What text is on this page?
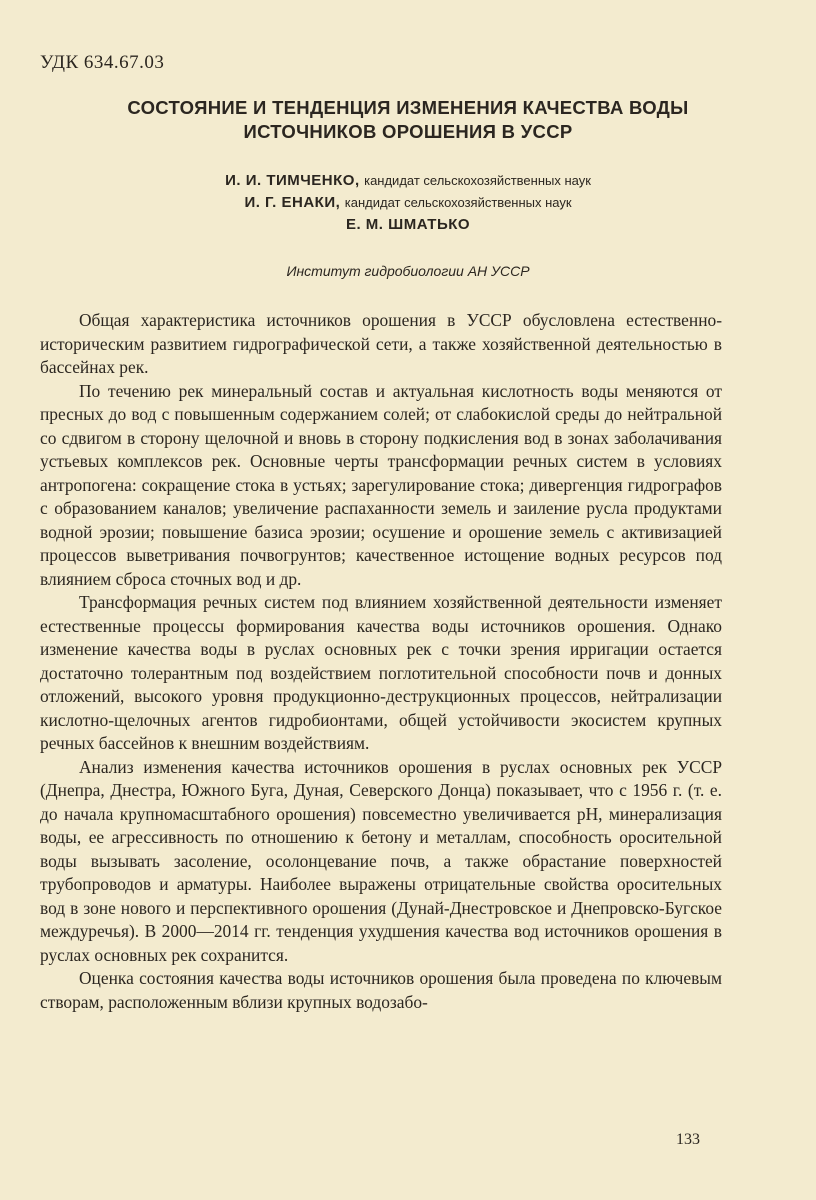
УДК 634.67.03
СОСТОЯНИЕ И ТЕНДЕНЦИЯ ИЗМЕНЕНИЯ КАЧЕСТВА ВОДЫ
ИСТОЧНИКОВ ОРОШЕНИЯ В УССР
И. И. ТИМЧЕНКО, кандидат сельскохозяйственных наук
И. Г. ЕНАКИ, кандидат сельскохозяйственных наук
Е. М. ШМАТЬКО
Институт гидробиологии АН УССР

Общая характеристика источников орошения в УССР обусловлена естественно-историческим развитием гидрографической сети, а также хозяйственной деятельностью в бассейнах рек.

По течению рек минеральный состав и актуальная кислотность воды меняются от пресных до вод с повышенным содержанием солей; от слабокислой среды до нейтральной со сдвигом в сторону щелочной и вновь в сторону подкисления вод в зонах заболачивания устьевых комплексов рек. Основные черты трансформации речных систем в условиях антропогена: сокращение стока в устьях; зарегулирование стока; дивергенция гидрографов с образованием каналов; увеличение распаханности земель и заиление русла продуктами водной эрозии; повышение базиса эрозии; осушение и орошение земель с активизацией процессов выветривания почвогрунтов; качественное истощение водных ресурсов под влиянием сброса сточных вод и др.

Трансформация речных систем под влиянием хозяйственной деятельности изменяет естественные процессы формирования качества воды источников орошения. Однако изменение качества воды в руслах основных рек с точки зрения ирригации остается достаточно толерантным под воздействием поглотительной способности почв и донных отложений, высокого уровня продукционно-деструкционных процессов, нейтрализации кислотно-щелочных агентов гидробионтами, общей устойчивости экосистем крупных речных бассейнов к внешним воздействиям.

Анализ изменения качества источников орошения в руслах основных рек УССР (Днепра, Днестра, Южного Буга, Дуная, Северского Донца) показывает, что с 1956 г. (т. е. до начала крупномасштабного орошения) повсеместно увеличивается рН, минерализация воды, ее агрессивность по отношению к бетону и металлам, способность оросительной воды вызывать засоление, осолонцевание почв, а также обрастание поверхностей трубопроводов и арматуры. Наиболее выражены отрицательные свойства оросительных вод в зоне нового и перспективного орошения (Дунай-Днестровское и Днепровско-Бугское междуречья). В 2000—2014 гг. тенденция ухудшения качества вод источников орошения в руслах основных рек сохранится.

Оценка состояния качества воды источников орошения была проведена по ключевым створам, расположенным вблизи крупных водозабо-

133
